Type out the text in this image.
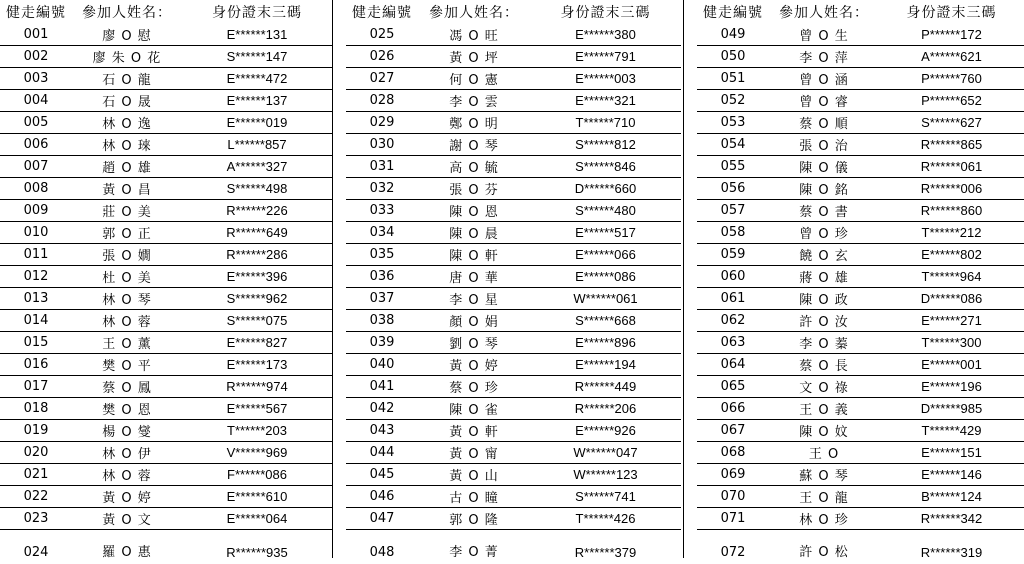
健走編號	參加人姓名：	身份證末三碼
001	廖 O 慰	E******131
002	廖 朱 O 花	S******147
003	石 O 龍	E******472
004	石 O 晟	E******137
005	林 O 逸	E******019
006	林 O 琜	L******857
007	趙 O 雄	A******327
008	黃 O 昌	S******498
009	莊 O 美	R******226
010	郭 O 正	R******649
011	張 O 嫺	R******286
012	杜 O 美	E******396
013	林 O 琴	S******962
014	林 O 蓉	S******075
015	王 O 薰	E******827
016	樊 O 平	E******173
017	蔡 O 鳳	R******974
018	樊 O 恩	E******567
019	楊 O 燮	T******203
020	林 O 伊	V******969
021	林 O 蓉	F******086
022	黃 O 婷	E******610
023	黃 O 文	E******064
024	羅 O 惠	R******935
健走編號	參加人姓名：	身份證末三碼
025	馮 O 旺	E******380
026	黃 O 坪	E******791
027	何 O 憲	E******003
028	李 O 雲	E******321
029	鄭 O 明	T******710
030	謝 O 琴	S******812
031	高 O 毓	S******846
032	張 O 芬	D******660
033	陳 O 恩	S******480
034	陳 O 晨	E******517
035	陳 O 軒	E******066
036	唐 O 華	E******086
037	李 O 星	W******061
038	顏 O 娟	S******668
039	劉 O 琴	E******896
040	黃 O 婷	E******194
041	蔡 O 珍	R******449
042	陳 O 雀	R******206
043	黃 O 軒	E******926
044	黃 O 甯	W******047
045	黃 O 山	W******123
046	古 O 瞳	S******741
047	郭 O 隆	T******426
048	李 O 菁	R******379
健走編號	參加人姓名：	身份證末三碼
049	曾 O 生	P******172
050	李 O 萍	A******621
051	曾 O 涵	P******760
052	曾 O 睿	P******652
053	蔡 O 順	S******627
054	張 O 治	R******865
055	陳 O 儀	R******061
056	陳 O 銘	R******006
057	蔡 O 書	R******860
058	曾 O 珍	T******212
059	饒 O 玄	E******802
060	蔣 O 雄	T******964
061	陳 O 政	D******086
062	許 O 汝	E******271
063	李 O 蓁	T******300
064	蔡 O 長	E******001
065	文 O 祿	E******196
066	王 O 義	D******985
067	陳 O 妏	T******429
068	王 O	E******151
069	蘇 O 琴	E******146
070	王 O 龍	B******124
071	林 O 珍	R******342
072	許 O 松	R******319
